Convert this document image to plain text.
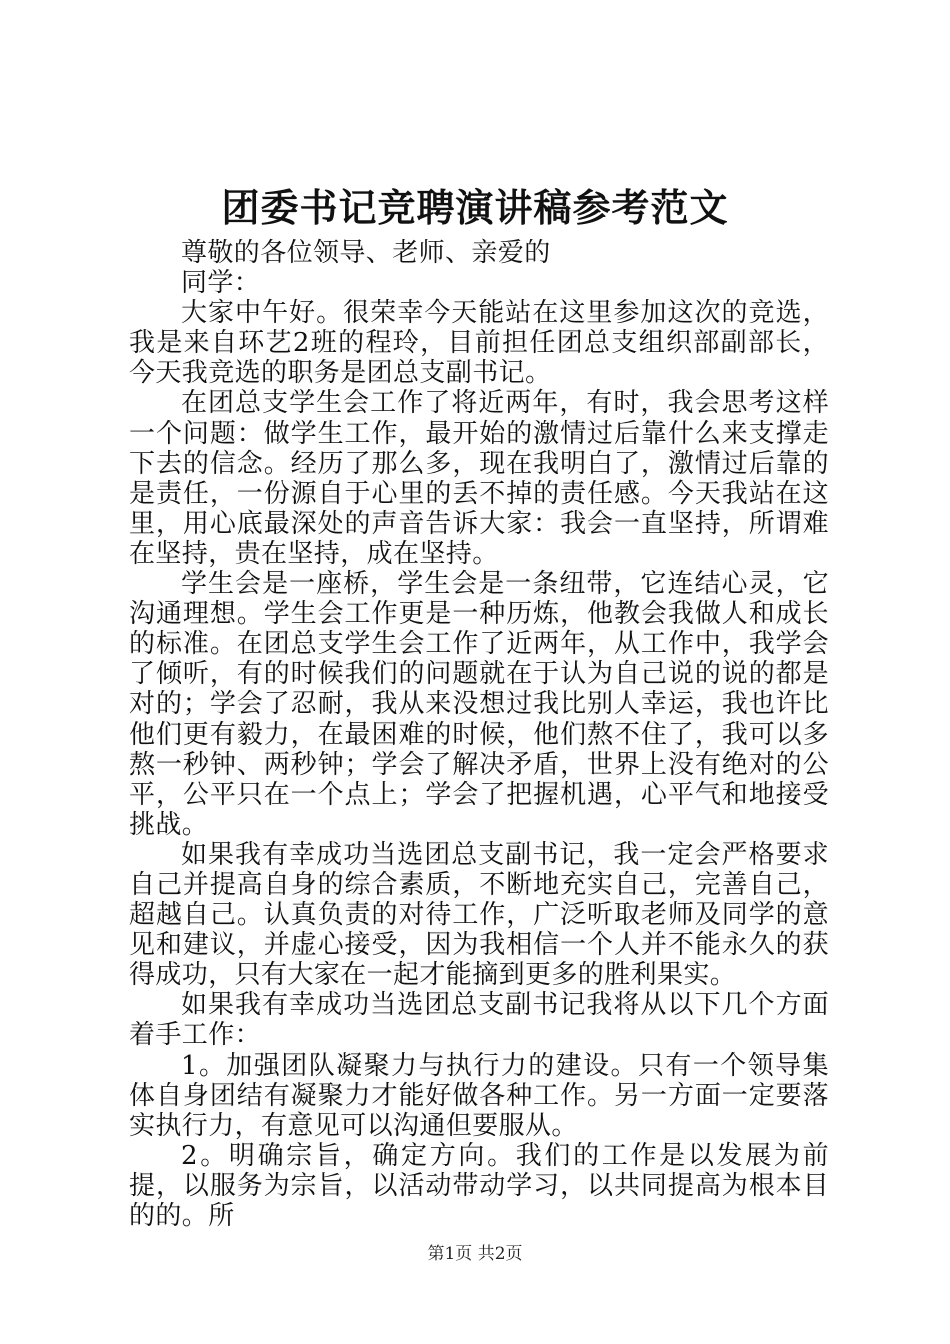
团委书记竞聘演讲稿参考范文

尊敬的各位领导、老师、亲爱的

同学：

大家中午好。很荣幸今天能站在这里参加这次的竞选，我是来自环艺2班的程玲，目前担任团总支组织部副部长，今天我竞选的职务是团总支副书记。

在团总支学生会工作了将近两年，有时，我会思考这样一个问题：做学生工作，最开始的激情过后靠什么来支撑走下去的信念。经历了那么多，现在我明白了，激情过后靠的是责任，一份源自于心里的丢不掉的责任感。今天我站在这里，用心底最深处的声音告诉大家：我会一直坚持，所谓难在坚持，贵在坚持，成在坚持。

学生会是一座桥，学生会是一条纽带，它连结心灵，它沟通理想。学生会工作更是一种历炼，他教会我做人和成长的标准。在团总支学生会工作了近两年，从工作中，我学会了倾听，有的时候我们的问题就在于认为自己说的说的都是对的；学会了忍耐，我从来没想过我比别人幸运，我也许比他们更有毅力，在最困难的时候，他们熬不住了，我可以多熬一秒钟、两秒钟；学会了解决矛盾，世界上没有绝对的公平，公平只在一个点上；学会了把握机遇，心平气和地接受挑战。

如果我有幸成功当选团总支副书记，我一定会严格要求自己并提高自身的综合素质，不断地充实自己，完善自己，超越自己。认真负责的对待工作，广泛听取老师及同学的意见和建议，并虚心接受，因为我相信一个人并不能永久的获得成功，只有大家在一起才能摘到更多的胜利果实。

如果我有幸成功当选团总支副书记我将从以下几个方面着手工作：

1。加强团队凝聚力与执行力的建设。只有一个领导集体自身团结有凝聚力才能好做各种工作。另一方面一定要落实执行力，有意见可以沟通但要服从。

2。明确宗旨，确定方向。我们的工作是以发展为前提，以服务为宗旨，以活动带动学习，以共同提高为根本目的的。所

第1页 共2页
